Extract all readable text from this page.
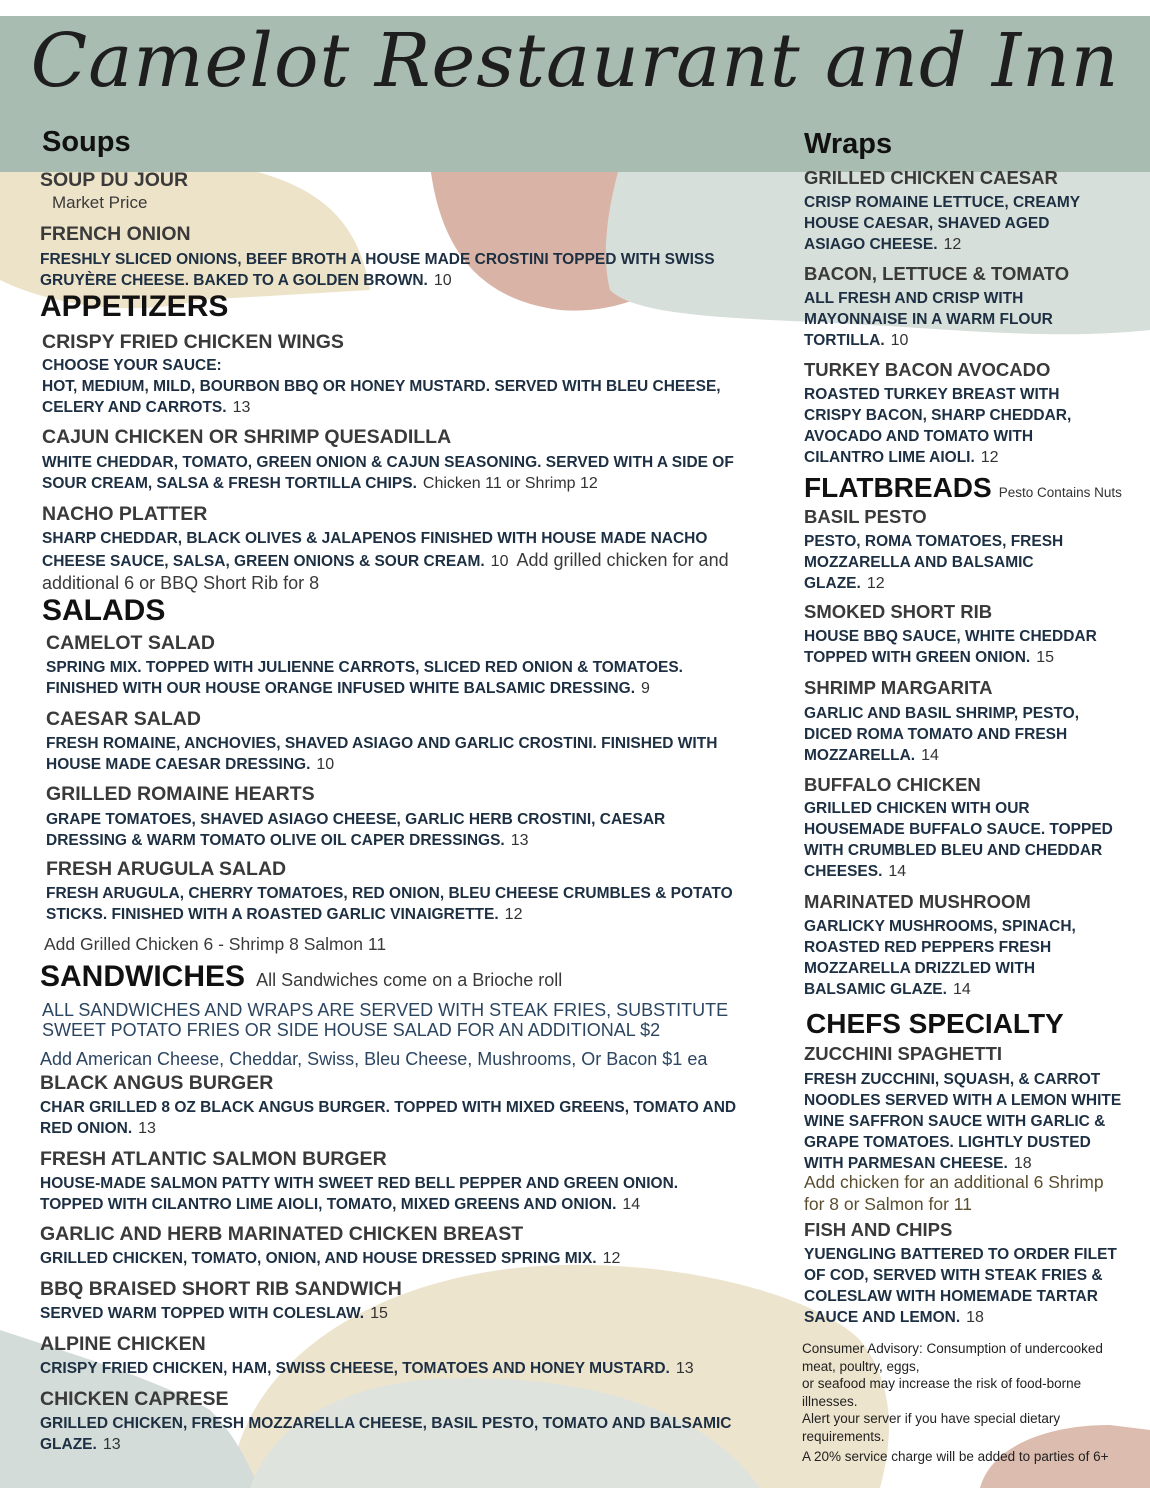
Camelot Restaurant and Inn
Soups
SOUP DU JOUR
Market Price
FRENCH ONION
FRESHLY SLICED ONIONS, BEEF BROTH A HOUSE MADE CROSTINI TOPPED WITH SWISS GRUYÈRE CHEESE. BAKED TO A GOLDEN BROWN. 10
APPETIZERS
CRISPY FRIED CHICKEN WINGS
CHOOSE YOUR SAUCE:
HOT, MEDIUM, MILD, BOURBON BBQ OR HONEY MUSTARD. SERVED WITH BLEU CHEESE, CELERY AND CARROTS. 13
CAJUN CHICKEN OR SHRIMP QUESADILLA
WHITE CHEDDAR, TOMATO, GREEN ONION & CAJUN SEASONING. SERVED WITH A SIDE OF SOUR CREAM, SALSA & FRESH TORTILLA CHIPS. Chicken 11 or Shrimp 12
NACHO PLATTER
SHARP CHEDDAR, BLACK OLIVES & JALAPENOS FINISHED WITH HOUSE MADE NACHO CHEESE SAUCE, SALSA, GREEN ONIONS & SOUR CREAM. 10 Add grilled chicken for and additional 6 or BBQ Short Rib for 8
SALADS
CAMELOT SALAD
SPRING MIX. TOPPED WITH JULIENNE CARROTS, SLICED RED ONION & TOMATOES. FINISHED WITH OUR HOUSE ORANGE INFUSED WHITE BALSAMIC DRESSING. 9
CAESAR SALAD
FRESH ROMAINE, ANCHOVIES, SHAVED ASIAGO AND GARLIC CROSTINI. FINISHED WITH HOUSE MADE CAESAR DRESSING. 10
GRILLED ROMAINE HEARTS
GRAPE TOMATOES, SHAVED ASIAGO CHEESE, GARLIC HERB CROSTINI, CAESAR DRESSING & WARM TOMATO OLIVE OIL CAPER DRESSINGS. 13
FRESH ARUGULA SALAD
FRESH ARUGULA, CHERRY TOMATOES, RED ONION, BLEU CHEESE CRUMBLES & POTATO STICKS. FINISHED WITH A ROASTED GARLIC VINAIGRETTE. 12
Add Grilled Chicken 6 - Shrimp 8 Salmon 11
SANDWICHES All Sandwiches come on a Brioche roll
ALL SANDWICHES AND WRAPS ARE SERVED WITH STEAK FRIES, SUBSTITUTE SWEET POTATO FRIES OR SIDE HOUSE SALAD FOR AN ADDITIONAL $2
Add American Cheese, Cheddar, Swiss, Bleu Cheese, Mushrooms, Or Bacon $1 ea
BLACK ANGUS BURGER
CHAR GRILLED 8 OZ BLACK ANGUS BURGER. TOPPED WITH MIXED GREENS, TOMATO AND RED ONION. 13
FRESH ATLANTIC SALMON BURGER
HOUSE-MADE SALMON PATTY WITH SWEET RED BELL PEPPER AND GREEN ONION. TOPPED WITH CILANTRO LIME AIOLI, TOMATO, MIXED GREENS AND ONION. 14
GARLIC AND HERB MARINATED CHICKEN BREAST
GRILLED CHICKEN, TOMATO, ONION, AND HOUSE DRESSED SPRING MIX. 12
BBQ BRAISED SHORT RIB SANDWICH
SERVED WARM TOPPED WITH COLESLAW. 15
ALPINE CHICKEN
CRISPY FRIED CHICKEN, HAM, SWISS CHEESE, TOMATOES AND HONEY MUSTARD. 13
CHICKEN CAPRESE
GRILLED CHICKEN, FRESH MOZZARELLA CHEESE, BASIL PESTO, TOMATO AND BALSAMIC GLAZE. 13
Wraps
GRILLED CHICKEN CAESAR
CRISP ROMAINE LETTUCE, CREAMY HOUSE CAESAR, SHAVED AGED ASIAGO CHEESE. 12
BACON, LETTUCE & TOMATO
ALL FRESH AND CRISP WITH MAYONNAISE IN A WARM FLOUR TORTILLA. 10
TURKEY BACON AVOCADO
ROASTED TURKEY BREAST WITH CRISPY BACON, SHARP CHEDDAR, AVOCADO AND TOMATO WITH CILANTRO LIME AIOLI. 12
FLATBREADS Pesto Contains Nuts
BASIL PESTO
PESTO, ROMA TOMATOES, FRESH MOZZARELLA AND BALSAMIC GLAZE. 12
SMOKED SHORT RIB
HOUSE BBQ SAUCE, WHITE CHEDDAR TOPPED WITH GREEN ONION. 15
SHRIMP MARGARITA
GARLIC AND BASIL SHRIMP, PESTO, DICED ROMA TOMATO AND FRESH MOZZARELLA. 14
BUFFALO CHICKEN
GRILLED CHICKEN WITH OUR HOUSEMADE BUFFALO SAUCE. TOPPED WITH CRUMBLED BLEU AND CHEDDAR CHEESES. 14
MARINATED MUSHROOM
GARLICKY MUSHROOMS, SPINACH, ROASTED RED PEPPERS FRESH MOZZARELLA DRIZZLED WITH BALSAMIC GLAZE. 14
CHEFS SPECIALTY
ZUCCHINI SPAGHETTI
FRESH ZUCCHINI, SQUASH, & CARROT NOODLES SERVED WITH A LEMON WHITE WINE SAFFRON SAUCE WITH GARLIC & GRAPE TOMATOES. LIGHTLY DUSTED WITH PARMESAN CHEESE. 18
Add chicken for an additional 6 Shrimp for 8 or Salmon for 11
FISH AND CHIPS
YUENGLING BATTERED TO ORDER FILET OF COD, SERVED WITH STEAK FRIES & COLESLAW WITH HOMEMADE TARTAR SAUCE AND LEMON. 18
Consumer Advisory: Consumption of undercooked meat, poultry, eggs,
or seafood may increase the risk of food-borne illnesses.
Alert your server if you have special dietary requirements.
A 20% service charge will be added to parties of 6+
